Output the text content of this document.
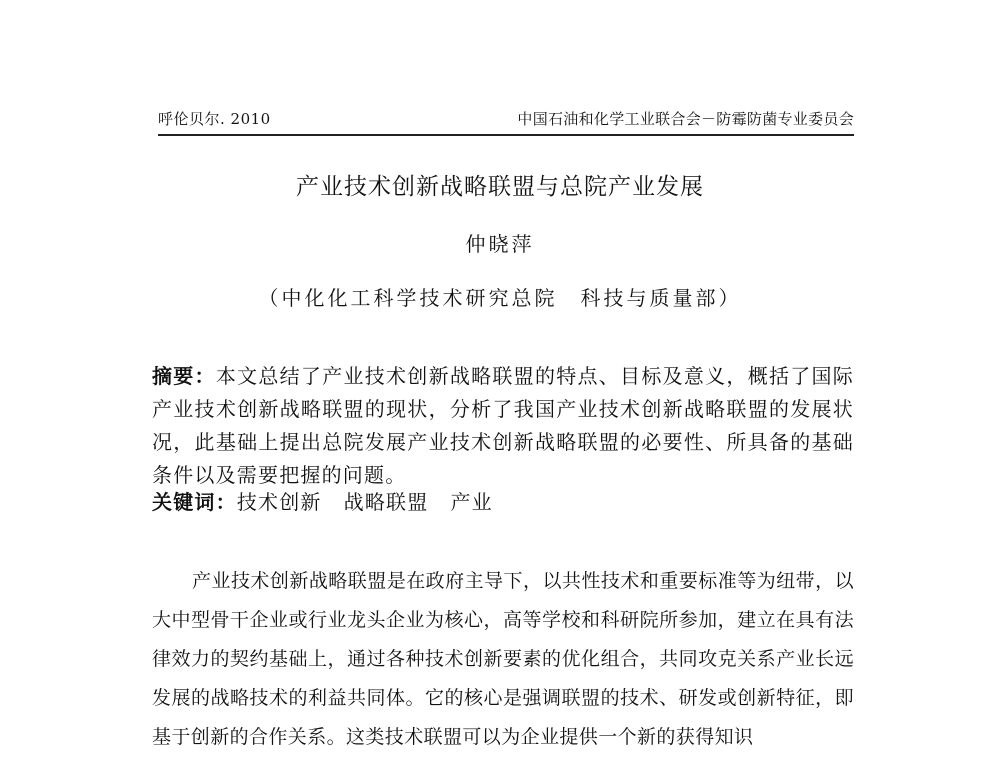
呼伦贝尔. 2010	中国石油和化学工业联合会－防霉防菌专业委员会
产业技术创新战略联盟与总院产业发展
仲晓萍
（中化化工科学技术研究总院　科技与质量部）
摘要：本文总结了产业技术创新战略联盟的特点、目标及意义，概括了国际产业技术创新战略联盟的现状，分析了我国产业技术创新战略联盟的发展状况，此基础上提出总院发展产业技术创新战略联盟的必要性、所具备的基础条件以及需要把握的问题。
关键词：技术创新 战略联盟 产业
产业技术创新战略联盟是在政府主导下，以共性技术和重要标准等为纽带，以大中型骨干企业或行业龙头企业为核心，高等学校和科研院所参加，建立在具有法律效力的契约基础上，通过各种技术创新要素的优化组合，共同攻克关系产业长远发展的战略技术的利益共同体。它的核心是强调联盟的技术、研发或创新特征，即基于创新的合作关系。这类技术联盟可以为企业提供一个新的获得知识
